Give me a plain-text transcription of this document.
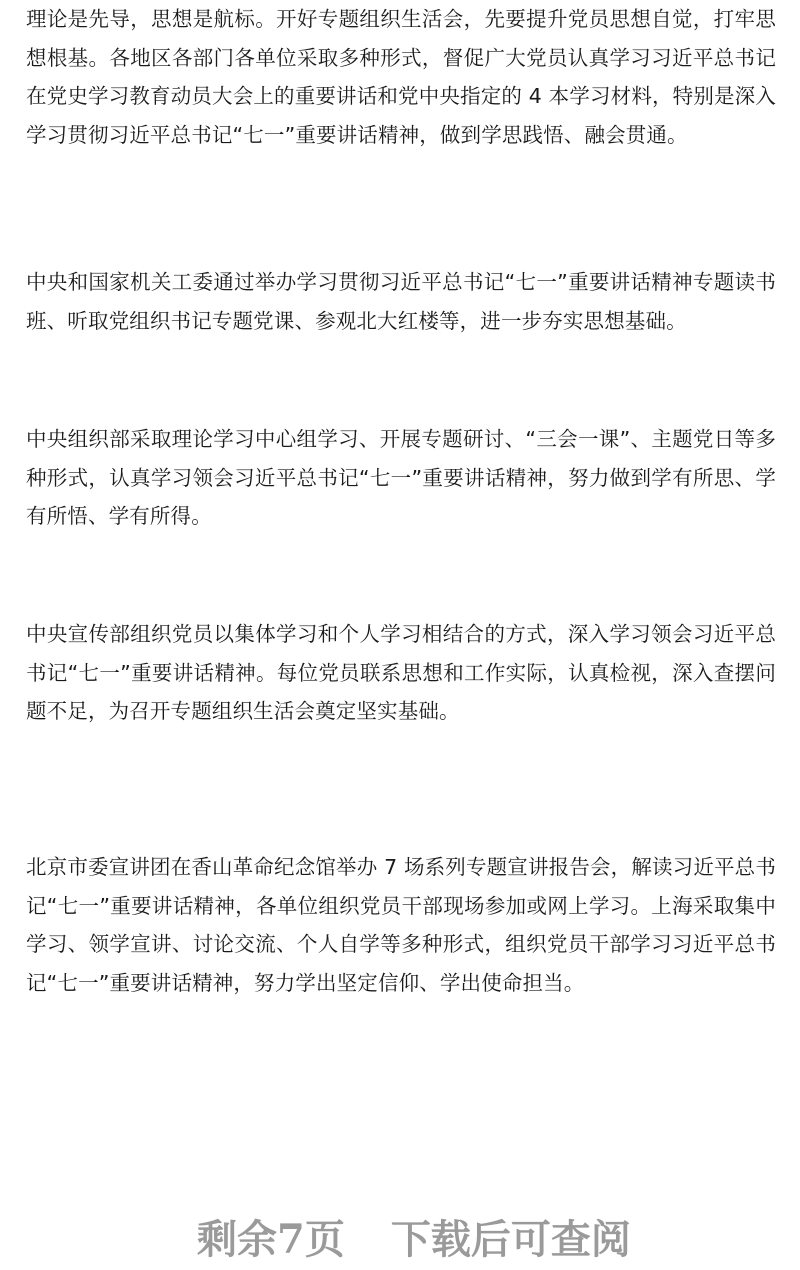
理论是先导，思想是航标。开好专题组织生活会，先要提升党员思想自觉，打牢思想根基。各地区各部门各单位采取多种形式，督促广大党员认真学习习近平总书记在党史学习教育动员大会上的重要讲话和党中央指定的 4 本学习材料，特别是深入学习贯彻习近平总书记“七一”重要讲话精神，做到学思践悟、融会贯通。

中央和国家机关工委通过举办学习贯彻习近平总书记“七一”重要讲话精神专题读书班、听取党组织书记专题党课、参观北大红楼等，进一步夯实思想基础。

中央组织部采取理论学习中心组学习、开展专题研讨、“三会一课”、主题党日等多种形式，认真学习领会习近平总书记“七一”重要讲话精神，努力做到学有所思、学有所悟、学有所得。

中央宣传部组织党员以集体学习和个人学习相结合的方式，深入学习领会习近平总书记“七一”重要讲话精神。每位党员联系思想和工作实际，认真检视，深入查摆问题不足，为召开专题组织生活会奠定坚实基础。

北京市委宣讲团在香山革命纪念馆举办 7 场系列专题宣讲报告会，解读习近平总书记“七一”重要讲话精神，各单位组织党员干部现场参加或网上学习。上海采取集中学习、领学宣讲、讨论交流、个人自学等多种形式，组织党员干部学习习近平总书记“七一”重要讲话精神，努力学出坚定信仰、学出使命担当。

剩余7页 下载后可查阅
